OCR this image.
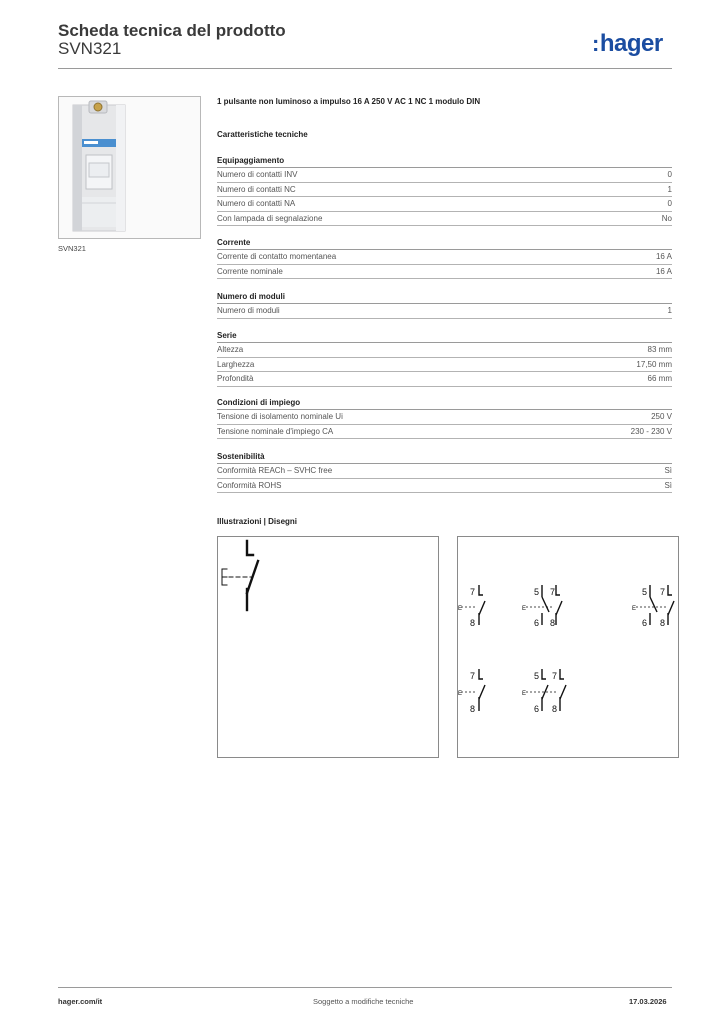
Scheda tecnica del prodotto
SVN321	:hager
SVN321
1 pulsante non luminoso a impulso 16 A 250 V AC 1 NC 1 modulo DIN
Caratteristiche tecniche
Equipaggiamento
Numero di contatti INV	0
Numero di contatti NC	1
Numero di contatti NA	0
Con lampada di segnalazione	No
Corrente
Corrente di contatto momentanea	16 A
Corrente nominale	16 A
Numero di moduli
Numero di moduli	1
Serie
Altezza	83 mm
Larghezza	17,50 mm
Profondità	66 mm
Condizioni di impiego
Tensione di isolamento nominale Ui	250 V
Tensione nominale d'impiego CA	230 - 230 V
Sostenibilità
Conformità REACh – SVHC free	Sì
Conformità ROHS	Sì
Illustrazioni | Disegni
7
8
E
5 7
6 8
E
5 7
6 8
E
7
8
E
5 7
6 8
E
hager.com/it	Soggetto a modifiche tecniche	17.03.2026
